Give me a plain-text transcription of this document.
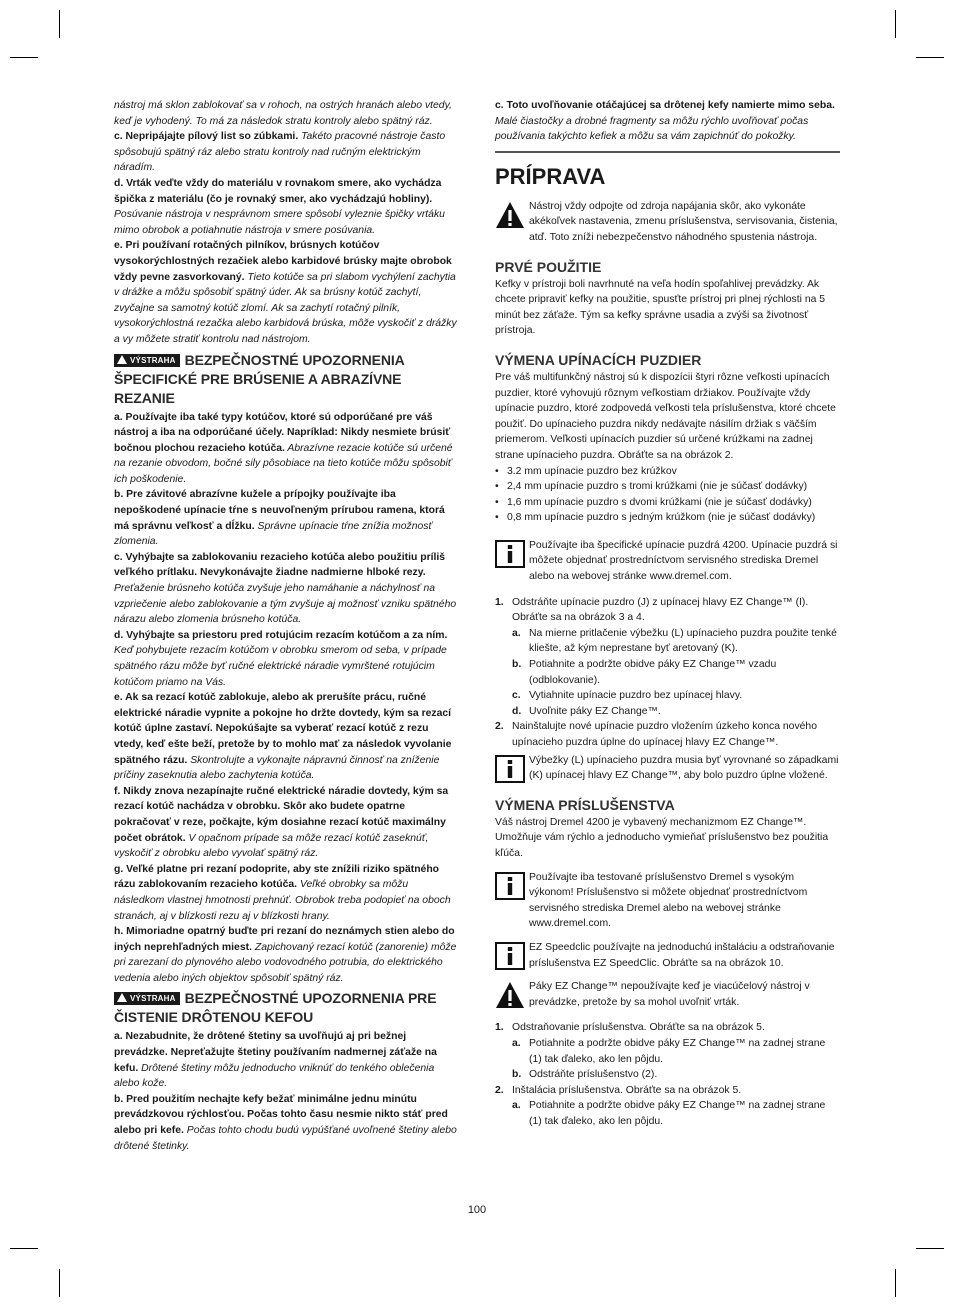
nástroj má sklon zablokovať sa v rohoch, na ostrých hranách alebo vtedy, keď je vyhodený. To má za následok stratu kontroly alebo spätný ráz.

c. Nepripájajte pílový list so zúbkami. Takéto pracovné nástroje často spôsobujú spätný ráz alebo stratu kontroly nad ručným elektrickým náradím.

d. Vrták veďte vždy do materiálu v rovnakom smere, ako vychádza špička z materiálu (čo je rovnaký smer, ako vychádzajú hobliny).

Posúvanie nástroja v nesprávnom smere spôsobí vyleznie špičky vrtáku mimo obrobok a potiahnutie nástroja v smere posúvania.

e. Pri používaní rotačných pilníkov, brúsnych kotúčov vysokorýchlostných rezačiek alebo karbidové brúsky majte obrobok vždy pevne zasvorkovaný. Tieto kotúče sa pri slabom vychýlení zachytia v drážke a môžu spôsobiť spätný úder. Ak sa brúsny kotúč zachytí, zvyčajne sa samotný kotúč zlomí. Ak sa zachytí rotačný pilník, vysokorýchlostná rezačka alebo karbidová brúska, môže vyskočiť z drážky a vy môžete stratiť kontrolu nad nástrojom.

VÝSTRAHA BEZPEČNOSTNÉ UPOZORNENIA ŠPECIFICKÉ PRE BRÚSENIE A ABRAZÍVNE REZANIE

a. Používajte iba také typy kotúčov, ktoré sú odporúčané pre váš nástroj a iba na odporúčané účely. Napríklad: Nikdy nesmiete brúsiť bočnou plochou rezacieho kotúča. Abrazívne rezacie kotúče sú určené na rezanie obvodom, bočné sily pôsobiace na tieto kotúče môžu spôsobiť ich poškodenie.

b. Pre závitové abrazívne kužele a prípojky používajte iba nepoškodené upínacie tŕne s neuvoľneným prírubou ramena, ktorá má správnu veľkosť a dĺžku. Správne upínacie tŕne znížia možnosť zlomenia.

c. Vyhýbajte sa zablokovaniu rezacieho kotúča alebo použitiu príliš veľkého prítlaku. Nevykonávajte žiadne nadmierne hlboké rezy. Preťaženie brúsneho kotúča zvyšuje jeho namáhanie a náchylnosť na vzpriečenie alebo zablokovanie a tým zvyšuje aj možnosť vzniku spätného nárazu alebo zlomenia brúsneho kotúča.

d. Vyhýbajte sa priestoru pred rotujúcim rezacím kotúčom a za ním. Keď pohybujete rezacím kotúčom v obrobku smerom od seba, v prípade spätného rázu môže byť ručné elektrické náradie vymrštené rotujúcim kotúčom priamo na Vás.

e. Ak sa rezací kotúč zablokuje, alebo ak prerušíte prácu, ručné elektrické náradie vypnite a pokojne ho držte dovtedy, kým sa rezací kotúč úplne zastaví. Nepokúšajte sa vyberať rezací kotúč z rezu vtedy, keď ešte beží, pretože by to mohlo mať za následok vyvolanie spätného rázu. Skontrolujte a vykonajte nápravnú činnosť na zníženie príčiny zaseknutia alebo zachytenia kotúča.

f. Nikdy znova nezapínajte ručné elektrické náradie dovtedy, kým sa rezací kotúč nachádza v obrobku. Skôr ako budete opatrne pokračovať v reze, počkajte, kým dosiahne rezací kotúč maximálny počet obrátok. V opačnom prípade sa môže rezací kotúč zaseknúť, vyskočiť z obrobku alebo vyvolať spätný ráz.

g. Veľké platne pri rezaní podoprite, aby ste znížili riziko spätného rázu zablokovaním rezacieho kotúča. Veľké obrobky sa môžu následkom vlastnej hmotnosti prehnúť. Obrobok treba podopieť na oboch stranách, aj v blízkosti rezu aj v blízkosti hrany.

h. Mimoriadne opatrný buďte pri rezaní do neznámych stien alebo do iných neprehľadných miest. Zapichovaný rezací kotúč (zanorenie) môže pri zarezaní do plynového alebo vodovodného potrubia, do elektrického vedenia alebo iných objektov spôsobiť spätný ráz.

VÝSTRAHA BEZPEČNOSTNÉ UPOZORNENIA PRE ČISTENIE DRÔTENOU KEFOU

a. Nezabudnite, že drôtené štetiny sa uvoľňujú aj pri bežnej prevádzke. Nepreťažujte štetiny používaním nadmernej záťaže na kefu. Drôtené štetiny môžu jednoducho vniknúť do tenkého oblečenia alebo kože.

b. Pred použitím nechajte kefy bežať minimálne jednu minútu prevádzkovou rýchlosťou. Počas tohto času nesmie nikto stáť pred alebo pri kefe. Počas tohto chodu budú vypúšťané uvoľnené štetiny alebo drôtené štetinky.

c. Toto uvoľňovanie otáčajúcej sa drôtenej kefy namierte mimo seba. Malé čiastočky a drobné fragmenty sa môžu rýchlo uvoľňovať počas používania takýchto kefiek a môžu sa vám zapichnúť do pokožky.

PRÍPRAVA
Nástroj vždy odpojte od zdroja napájania skôr, ako vykonáte akékoľvek nastavenia, zmenu príslušenstva, servisovania, čistenia, atď. Toto zníži nebezpečenstvo náhodného spustenia nástroja.
PRVÉ POUŽITIE

Kefky v prístroji boli navrhnuté na veľa hodín spoľahlivej prevádzky. Ak chcete pripraviť kefky na použitie, spusťte prístroj pri plnej rýchlosti na 5 minút bez záťaže. Tým sa kefky správne usadia a zvýši sa životnosť prístroja.

VÝMENA UPÍNACÍCH PUZDIER

Pre váš multifunkčný nástroj sú k dispozícii štyri rôzne veľkosti upínacích puzdier, ktoré vyhovujú rôznym veľkostiam držiakov. Používajte vždy upínacie puzdro, ktoré zodpovedá veľkosti tela príslušenstva, ktoré chcete použiť. Do upínacieho puzdra nikdy nedávajte násilím držiak s väčším priemerom. Veľkosti upínacích puzdier sú určené krúžkami na zadnej strane upínacieho puzdra. Obráťte sa na obrázok 2.

• 3.2 mm upínacie puzdro bez krúžkov
• 2,4 mm upínacie puzdro s tromi krúžkami (nie je súčasť dodávky)
• 1,6 mm upínacie puzdro s dvomi krúžkami (nie je súčasť dodávky)
• 0,8 mm upínacie puzdro s jedným krúžkom (nie je súčasť dodávky)
Používajte iba špecifické upínacie puzdrá 4200. Upínacie puzdrá si môžete objednať prostredníctvom servisného strediska Dremel alebo na webovej stránke www.dremel.com.
1. Odstráňte upínacie puzdro (J) z upínacej hlavy EZ Change™ (I). Obráťte sa na obrázok 3 a 4.
a. Na mierne pritlačenie výbežku (L) upínacieho puzdra použite tenké kliešte, až kým neprestane byť aretovaný (K).
b. Potiahnite a podržte obidve páky EZ Change™ vzadu (odblokovanie).
c. Vytiahnite upínacie puzdro bez upínacej hlavy.
d. Uvoľnite páky EZ Change™.
2. Nainštalujte nové upínacie puzdro vložením úzkeho konca nového upínacieho puzdra úplne do upínacej hlavy EZ Change™.
Výbežky (L) upínacieho puzdra musia byť vyrovnané so západkami (K) upínacej hlavy EZ Change™, aby bolo puzdro úplne vložené.
VÝMENA PRÍSLUŠENSTVA

Váš nástroj Dremel 4200 je vybavený mechanizmom EZ Change™. Umožňuje vám rýchlo a jednoducho vymieňať príslušenstvo bez použitia kľúča.

Používajte iba testované príslušenstvo Dremel s vysokým výkonom! Príslušenstvo si môžete objednať prostredníctvom servisného strediska Dremel alebo na webovej stránke www.dremel.com.
EZ Speedclic používajte na jednoduchú inštaláciu a odstraňovanie príslušenstva EZ SpeedClic. Obráťte sa na obrázok 10.
Páky EZ Change™ nepoužívajte keď je viacúčelový nástroj v prevádzke, pretože by sa mohol uvoľniť vrták.
1. Odstraňovanie príslušenstva. Obráťte sa na obrázok 5.
a. Potiahnite a podržte obidve páky EZ Change™ na zadnej strane (1) tak ďaleko, ako len pôjdu.
b. Odstráňte príslušenstvo (2).
2. Inštalácia príslušenstva. Obráťte sa na obrázok 5.
a. Potiahnite a podržte obidve páky EZ Change™ na zadnej strane (1) tak ďaleko, ako len pôjdu.
100
